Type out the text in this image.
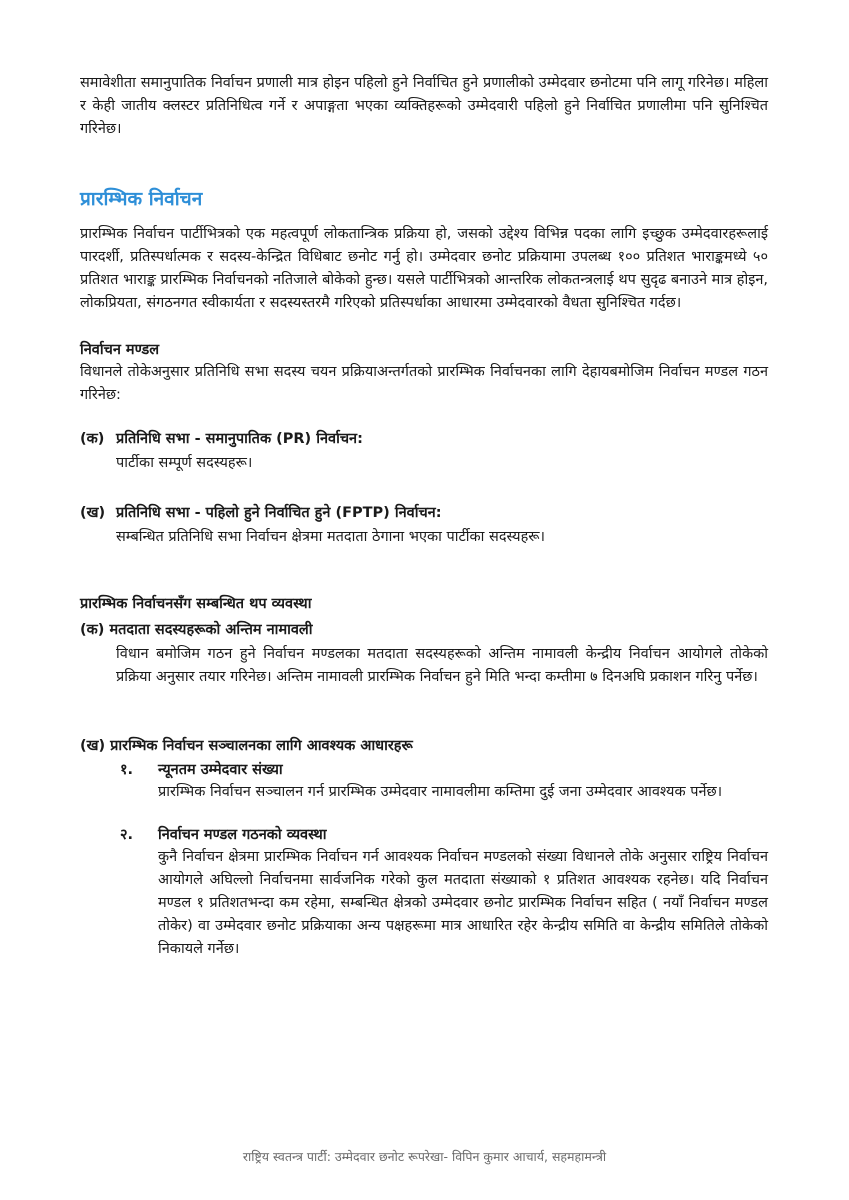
समावेशीता समानुपातिक निर्वाचन प्रणाली मात्र होइन पहिलो हुने निर्वाचित हुने प्रणालीको उम्मेदवार छनोटमा पनि लागू गरिनेछ। महिला र केही जातीय क्लस्टर प्रतिनिधित्व गर्ने र अपाङ्गता भएका व्यक्तिहरूको उम्मेदवारी पहिलो हुने निर्वाचित प्रणालीमा पनि सुनिश्चित गरिनेछ।

प्रारम्भिक निर्वाचन

प्रारम्भिक निर्वाचन पार्टीभित्रको एक महत्वपूर्ण लोकतान्त्रिक प्रक्रिया हो, जसको उद्देश्य विभिन्न पदका लागि इच्छुक उम्मेदवारहरूलाई पारदर्शी, प्रतिस्पर्धात्मक र सदस्य-केन्द्रित विधिबाट छनोट गर्नु हो। उम्मेदवार छनोट प्रक्रियामा उपलब्ध १०० प्रतिशत भाराङ्कमध्ये ५० प्रतिशत भाराङ्क प्रारम्भिक निर्वाचनको नतिजाले बोकेको हुन्छ। यसले पार्टीभित्रको आन्तरिक लोकतन्त्रलाई थप सुदृढ बनाउने मात्र होइन, लोकप्रियता, संगठनगत स्वीकार्यता र सदस्यस्तरमै गरिएको प्रतिस्पर्धाका आधारमा उम्मेदवारको वैधता सुनिश्चित गर्दछ।

निर्वाचन मण्डल

विधानले तोकेअनुसार प्रतिनिधि सभा सदस्य चयन प्रक्रियाअन्तर्गतको प्रारम्भिक निर्वाचनका लागि देहायबमोजिम निर्वाचन मण्डल गठन गरिनेछ:

(क) प्रतिनिधि सभा - समानुपातिक (PR) निर्वाचन:
पार्टीका सम्पूर्ण सदस्यहरू।
(ख) प्रतिनिधि सभा - पहिलो हुने निर्वाचित हुने (FPTP) निर्वाचन:
सम्बन्धित प्रतिनिधि सभा निर्वाचन क्षेत्रमा मतदाता ठेगाना भएका पार्टीका सदस्यहरू।
प्रारम्भिक निर्वाचनसँग सम्बन्धित थप व्यवस्था
(क) मतदाता सदस्यहरूको अन्तिम नामावली

विधान बमोजिम गठन हुने निर्वाचन मण्डलका मतदाता सदस्यहरूको अन्तिम नामावली केन्द्रीय निर्वाचन आयोगले तोकेको प्रक्रिया अनुसार तयार गरिनेछ। अन्तिम नामावली प्रारम्भिक निर्वाचन हुने मिति भन्दा कम्तीमा ७ दिनअघि प्रकाशन गरिनु पर्नेछ।

(ख) प्रारम्भिक निर्वाचन सञ्चालनका लागि आवश्यक आधारहरू
१. न्यूनतम उम्मेदवार संख्या

प्रारम्भिक निर्वाचन सञ्चालन गर्न प्रारम्भिक उम्मेदवार नामावलीमा कम्तिमा दुई जना उम्मेदवार आवश्यक पर्नेछ।

२. निर्वाचन मण्डल गठनको व्यवस्था

कुनै निर्वाचन क्षेत्रमा प्रारम्भिक निर्वाचन गर्न आवश्यक निर्वाचन मण्डलको संख्या विधानले तोके अनुसार राष्ट्रिय निर्वाचन आयोगले अघिल्लो निर्वाचनमा सार्वजनिक गरेको कुल मतदाता संख्याको १ प्रतिशत आवश्यक रहनेछ। यदि निर्वाचन मण्डल १ प्रतिशतभन्दा कम रहेमा, सम्बन्धित क्षेत्रको उम्मेदवार छनोट प्रारम्भिक निर्वाचन सहित ( नयाँ निर्वाचन मण्डल तोकेर) वा उम्मेदवार छनोट प्रक्रियाका अन्य पक्षहरूमा मात्र आधारित रहेर केन्द्रीय समिति वा केन्द्रीय समितिले तोकेको निकायले गर्नेछ।

राष्ट्रिय स्वतन्त्र पार्टी: उम्मेदवार छनोट रूपरेखा- विपिन कुमार आचार्य, सहमहामन्त्री
